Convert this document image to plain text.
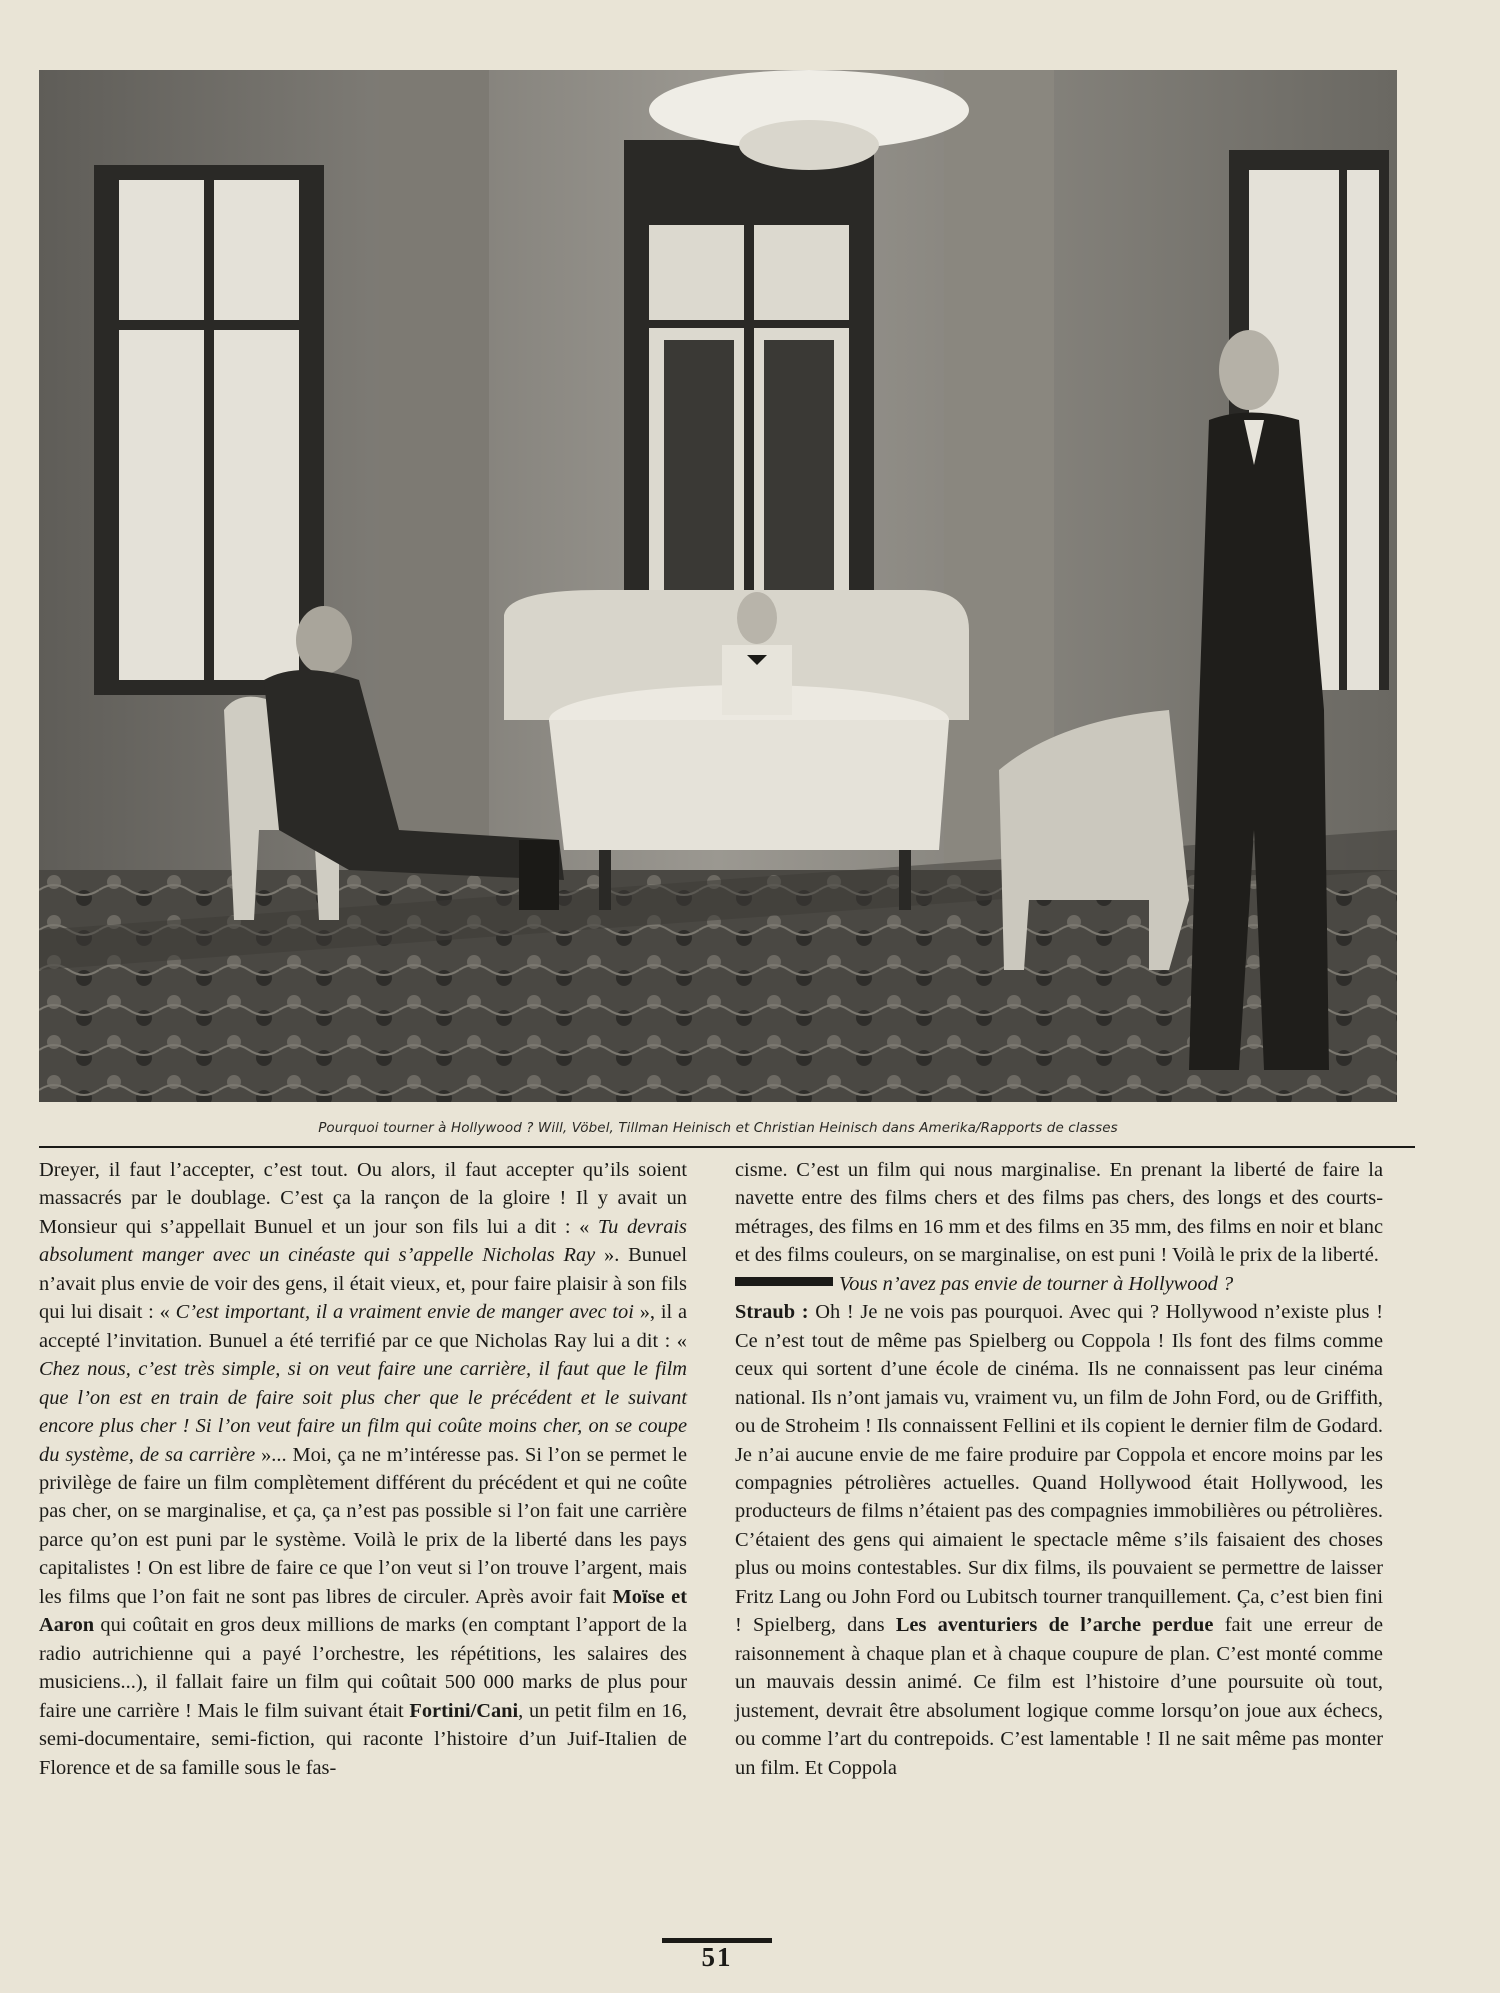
Pourquoi tourner à Hollywood ? Will, Vöbel, Tillman Heinisch et Christian Heinisch dans Amerika/Rapports de classes

Dreyer, il faut l’accepter, c’est tout. Ou alors, il faut accepter qu’ils soient massacrés par le doublage. C’est ça la rançon de la gloire ! Il y avait un Monsieur qui s’appellait Bunuel et un jour son fils lui a dit : « Tu devrais absolument manger avec un cinéaste qui s’appelle Nicholas Ray ». Bunuel n’avait plus envie de voir des gens, il était vieux, et, pour faire plaisir à son fils qui lui disait : « C’est important, il a vraiment envie de manger avec toi », il a accepté l’invitation. Bunuel a été terrifié par ce que Nicholas Ray lui a dit : « Chez nous, c’est très simple, si on veut faire une carrière, il faut que le film que l’on est en train de faire soit plus cher que le précédent et le suivant encore plus cher ! Si l’on veut faire un film qui coûte moins cher, on se coupe du système, de sa carrière »... Moi, ça ne m’intéresse pas. Si l’on se permet le privilège de faire un film complètement différent du précédent et qui ne coûte pas cher, on se marginalise, et ça, ça n’est pas possible si l’on fait une carrière parce qu’on est puni par le système. Voilà le prix de la liberté dans les pays capitalistes ! On est libre de faire ce que l’on veut si l’on trouve l’argent, mais les films que l’on fait ne sont pas libres de circuler. Après avoir fait Moïse et Aaron qui coûtait en gros deux millions de marks (en comptant l’apport de la radio autrichienne qui a payé l’orchestre, les répétitions, les salaires des musiciens...), il fallait faire un film qui coûtait 500 000 marks de plus pour faire une carrière ! Mais le film suivant était Fortini/Cani, un petit film en 16, semi-documentaire, semi-fiction, qui raconte l’histoire d’un Juif-Italien de Florence et de sa famille sous le fas-

cisme. C’est un film qui nous marginalise. En prenant la liberté de faire la navette entre des films chers et des films pas chers, des longs et des courts-métrages, des films en 16 mm et des films en 35 mm, des films en noir et blanc et des films couleurs, on se marginalise, on est puni ! Voilà le prix de la liberté.

Vous n’avez pas envie de tourner à Hollywood ?

Straub : Oh ! Je ne vois pas pourquoi. Avec qui ? Hollywood n’existe plus ! Ce n’est tout de même pas Spielberg ou Coppola ! Ils font des films comme ceux qui sortent d’une école de cinéma. Ils ne connaissent pas leur cinéma national. Ils n’ont jamais vu, vraiment vu, un film de John Ford, ou de Griffith, ou de Stroheim ! Ils connaissent Fellini et ils copient le dernier film de Godard. Je n’ai aucune envie de me faire produire par Coppola et encore moins par les compagnies pétrolières actuelles. Quand Hollywood était Hollywood, les producteurs de films n’étaient pas des compagnies immobilières ou pétrolières. C’étaient des gens qui aimaient le spectacle même s’ils faisaient des choses plus ou moins contestables. Sur dix films, ils pouvaient se permettre de laisser Fritz Lang ou John Ford ou Lubitsch tourner tranquillement. Ça, c’est bien fini ! Spielberg, dans Les aventuriers de l’arche perdue fait une erreur de raisonnement à chaque plan et à chaque coupure de plan. C’est monté comme un mauvais dessin animé. Ce film est l’histoire d’une poursuite où tout, justement, devrait être absolument logique comme lorsqu’on joue aux échecs, ou comme l’art du contrepoids. C’est lamentable ! Il ne sait même pas monter un film. Et Coppola

51
